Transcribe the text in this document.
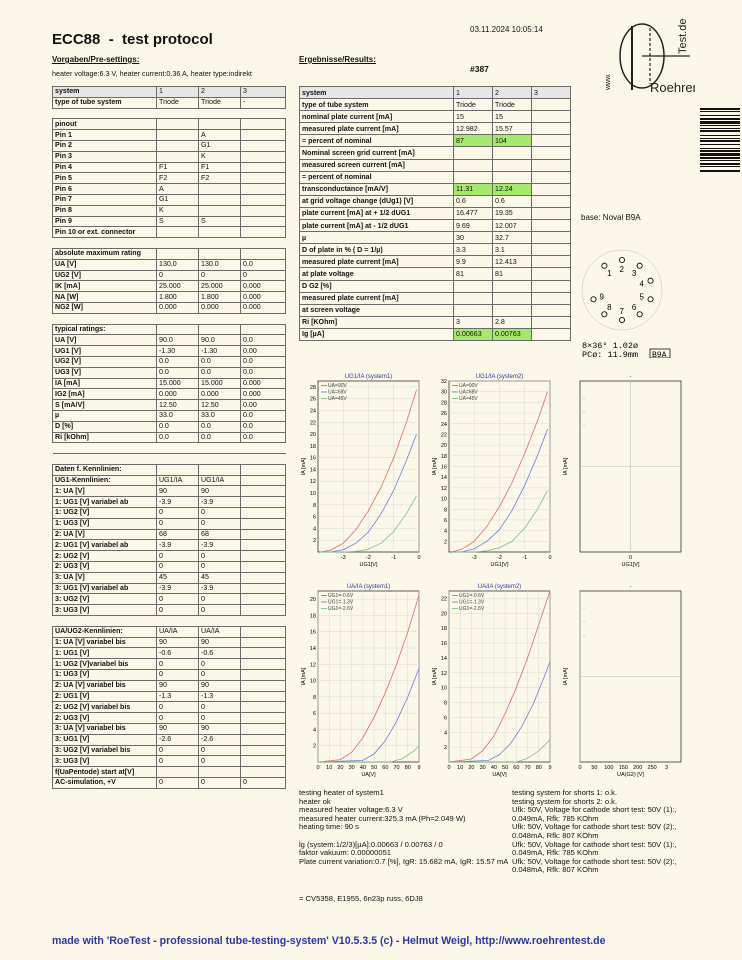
ECC88  -  test protocol
03.11.2024 10:05:14
#387
Vorgaben/Pre-settings:	Ergebnisse/Results:
heater voltage:6.3 V, heater current:0.36 A, heater type:indirekt
Roehren
Test.de
www.
system	1	2	3
type of tube system	Triode	Triode	-

pinout			
Pin 1		A	
Pin 2		G1	
Pin 3		K	
Pin 4	F1	F1	
Pin 5	F2	F2	
Pin 6	A		
Pin 7	G1		
Pin 8	K		
Pin 9	S	S	
Pin 10 or ext. connector			

absolute maximum rating			
UA [V]	130.0	130.0	0.0
UG2 [V]	0	0	0
IK [mA]	25.000	25.000	0.000
NA [W]	1.800	1.800	0.000
NG2 [W]	0.000	0.000	0.000

typical ratings:			
UA [V]	90.0	90.0	0.0
UG1 [V]	-1.30	-1.30	0.00
UG2 [V]	0.0	0.0	0.0
UG3 [V]	0.0	0.0	0.0
IA [mA]	15.000	15.000	0.000
IG2 [mA]	0.000	0.000	0.000
S [mA/V]	12.50	12.50	0.00
µ	33.0	33.0	0.0
D [%]	0.0	0.0	0.0
Ri [kOhm]	0.0	0.0	0.0

Daten f. Kennlinien:			
UG1-Kennlinien:	UG1/IA	UG1/IA	
1: UA [V]	90	90	
1: UG1 [V] variabel ab	-3.9	-3.9	
1: UG2 [V]	0	0	
1: UG3 [V]	0	0	
2: UA [V]	68	68	
2: UG1 [V] variabel ab	-3.9	-3.9	
2: UG2 [V]	0	0	
2: UG3 [V]	0	0	
3: UA [V]	45	45	
3: UG1 [V] variabel ab	-3.9	-3.9	
3: UG2 [V]	0	0	
3: UG3 [V]	0	0	

UA/UG2-Kennlinien:	UA/IA	UA/IA	
1: UA [V] variabel bis	90	90	
1: UG1 [V]	-0.6	-0.6	
1: UG2 [V]variabel bis	0	0	
1: UG3 [V]	0	0	
2: UA [V] variabel bis	90	90	
2: UG1 [V]	-1.3	-1.3	
2: UG2 [V] variabel bis	0	0	
2: UG3 [V]	0	0	
3: UA [V] variabel bis	90	90	
3: UG1 [V]	-2.6	-2.6	
3: UG2 [V] variabel bis	0	0	
3: UG3 [V]	0	0	
f(UaPentode) start at[V]			
AC-simulation, +V	0	0	0
system	1	2	3
type of tube system	Triode	Triode	
nominal plate current [mA]	15	15	
measured plate current [mA]	12.982	15.57	
= percent of nominal	87	104	
Nominal screen grid current [mA]			
measured screen current [mA]			
= percent of nominal			
transconductance [mA/V]	11.31	12.24	
at grid voltage change (dUg1) [V]	0.6	0.6	
plate current [mA] at + 1/2 dUG1	16.477	19.35	
plate current [mA] at - 1/2 dUG1	9.69	12.007	
µ	30	32.7	
D of plate in % ( D = 1/µ)	3.3	3.1	
measured plate current [mA]	9.9	12.413	
at plate voltage	81	81	
D G2 [%]			
measured plate current [mA]			
at screen voltage			
Ri [KOhm]	3	2.8	
Ig [µA]	0.00663	0.00763	
base: Noval B9A
9
8 7 6
5
4
3
2
1
8×36° 1.02ø
PCø: 11.9mm B9A
2
4
6
8
10
12
14
16
18
20
22
24
26
28
-3	-2	-1	0
UA=90V
UA=68V
UA=45V
UG1/IA (system1)
UG1[V]
IA [mA]
2
4
6
8
10
12
14
16
18
20
22
24
26
28
30
32
-3	-2	-1	0
UA=90V
UA=68V
UA=45V
UG1/IA (system2)
UG1[V]
IA [mA]
0
-
UG1[V]
IA [mA]
2
4
6
8
10
12
14
16
18
20
0 10 20 30 40 50 60 70 80 9
UG1=-0.6V
UG1=-1.3V
UG1=-2.6V
UA/IA (system1)
UA[V]
IA [mA]
2
4
6
8
10
12
14
16
18
20
22
0 10 20 30 40 50 60 70 80 9
UG1=-0.6V
UG1=-1.3V
UG1=-2.6V
UA/IA (system2)
UA[V]
IA [mA]
0 50 100 150 200 250 3
-
UA(G2) [V]
IA [mA]
testing heater of system1
heater ok
measured heater voltage:6.3 V
measured heater current:325.3 mA (Ph=2.049 W)
heating time: 90 s

lg (system:1/2/3)[µA]:0.00663 / 0.00763 / 0
faktor vakuum: 0.00000051
Plate current variation:0.7 [%], IgR: 15.682 mA, IgR: 15.57 mA
testing system for shorts 1: o.k.
testing system for shorts 2: o.k.
Ufk: 50V, Voltage for cathode short test: 50V (1):,
0.049mA, Rfk: 785 KOhm
Ufk: 50V, Voltage for cathode short test: 50V (2):,
0.048mA, Rfk: 807 KOhm
Ufk: 50V, Voltage for cathode short test: 50V (1):,
0.049mA, Rfk: 785 KOhm
Ufk: 50V, Voltage for cathode short test: 50V (2):,
0.048mA, Rfk: 807 KOhm
= CV5358, E1955, 6n23p russ, 6DJ8
made with 'RoeTest - professional tube-testing-system' V10.5.3.5 (c) - Helmut Weigl, http://www.roehrentest.de
